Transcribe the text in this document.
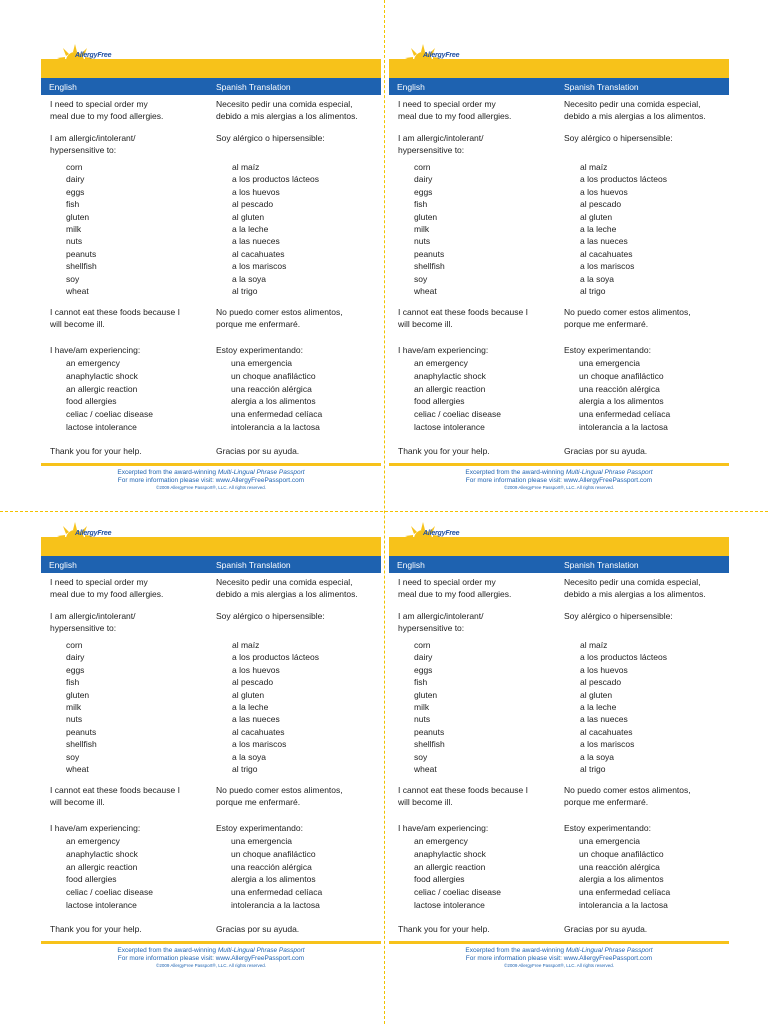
AllergyFree
English	Spanish Translation
I need to special order my	Necesito pedir una comida especial,
meal due to my food allergies.	debido a mis alergias a los alimentos.
I am allergic/intolerant/	Soy alérgico o hipersensible:
hypersensitive to:
corn	al maíz
dairy	a los productos lácteos
eggs	a los huevos
fish	al pescado
gluten	al gluten
milk	a la leche
nuts	a las nueces
peanuts	al cacahuates
shellfish	a los mariscos
soy	a la soya
wheat	al trigo
I cannot eat these foods because I	No puedo comer estos alimentos,
will become ill.	porque me enfermaré.
I have/am experiencing:	Estoy experimentando:
an emergency	una emergencia
anaphylactic shock	un choque anafiláctico
an allergic reaction	una reacción alérgica
food allergies	alergia a los alimentos
celiac / coeliac disease	una enfermedad celíaca
lactose intolerance	intolerancia a la lactosa
Thank you for your help.	Gracias por su ayuda.
Excerpted from the award-winning Multi-Lingual Phrase Passport
For more information please visit: www.AllergyFreePassport.com
©2009 AllergyFree Passport®, LLC. All rights reserved.
AllergyFree
English	Spanish Translation
I need to special order my	Necesito pedir una comida especial,
meal due to my food allergies.	debido a mis alergias a los alimentos.
I am allergic/intolerant/	Soy alérgico o hipersensible:
hypersensitive to:
corn	al maíz
dairy	a los productos lácteos
eggs	a los huevos
fish	al pescado
gluten	al gluten
milk	a la leche
nuts	a las nueces
peanuts	al cacahuates
shellfish	a los mariscos
soy	a la soya
wheat	al trigo
I cannot eat these foods because I	No puedo comer estos alimentos,
will become ill.	porque me enfermaré.
I have/am experiencing:	Estoy experimentando:
an emergency	una emergencia
anaphylactic shock	un choque anafiláctico
an allergic reaction	una reacción alérgica
food allergies	alergia a los alimentos
celiac / coeliac disease	una enfermedad celíaca
lactose intolerance	intolerancia a la lactosa
Thank you for your help.	Gracias por su ayuda.
Excerpted from the award-winning Multi-Lingual Phrase Passport
For more information please visit: www.AllergyFreePassport.com
©2009 AllergyFree Passport®, LLC. All rights reserved.
AllergyFree
English	Spanish Translation
I need to special order my	Necesito pedir una comida especial,
meal due to my food allergies.	debido a mis alergias a los alimentos.
I am allergic/intolerant/	Soy alérgico o hipersensible:
hypersensitive to:
corn	al maíz
dairy	a los productos lácteos
eggs	a los huevos
fish	al pescado
gluten	al gluten
milk	a la leche
nuts	a las nueces
peanuts	al cacahuates
shellfish	a los mariscos
soy	a la soya
wheat	al trigo
I cannot eat these foods because I	No puedo comer estos alimentos,
will become ill.	porque me enfermaré.
I have/am experiencing:	Estoy experimentando:
an emergency	una emergencia
anaphylactic shock	un choque anafiláctico
an allergic reaction	una reacción alérgica
food allergies	alergia a los alimentos
celiac / coeliac disease	una enfermedad celíaca
lactose intolerance	intolerancia a la lactosa
Thank you for your help.	Gracias por su ayuda.
Excerpted from the award-winning Multi-Lingual Phrase Passport
For more information please visit: www.AllergyFreePassport.com
©2009 AllergyFree Passport®, LLC. All rights reserved.
AllergyFree
English	Spanish Translation
I need to special order my	Necesito pedir una comida especial,
meal due to my food allergies.	debido a mis alergias a los alimentos.
I am allergic/intolerant/	Soy alérgico o hipersensible:
hypersensitive to:
corn	al maíz
dairy	a los productos lácteos
eggs	a los huevos
fish	al pescado
gluten	al gluten
milk	a la leche
nuts	a las nueces
peanuts	al cacahuates
shellfish	a los mariscos
soy	a la soya
wheat	al trigo
I cannot eat these foods because I	No puedo comer estos alimentos,
will become ill.	porque me enfermaré.
I have/am experiencing:	Estoy experimentando:
an emergency	una emergencia
anaphylactic shock	un choque anafiláctico
an allergic reaction	una reacción alérgica
food allergies	alergia a los alimentos
celiac / coeliac disease	una enfermedad celíaca
lactose intolerance	intolerancia a la lactosa
Thank you for your help.	Gracias por su ayuda.
Excerpted from the award-winning Multi-Lingual Phrase Passport
For more information please visit: www.AllergyFreePassport.com
©2009 AllergyFree Passport®, LLC. All rights reserved.
